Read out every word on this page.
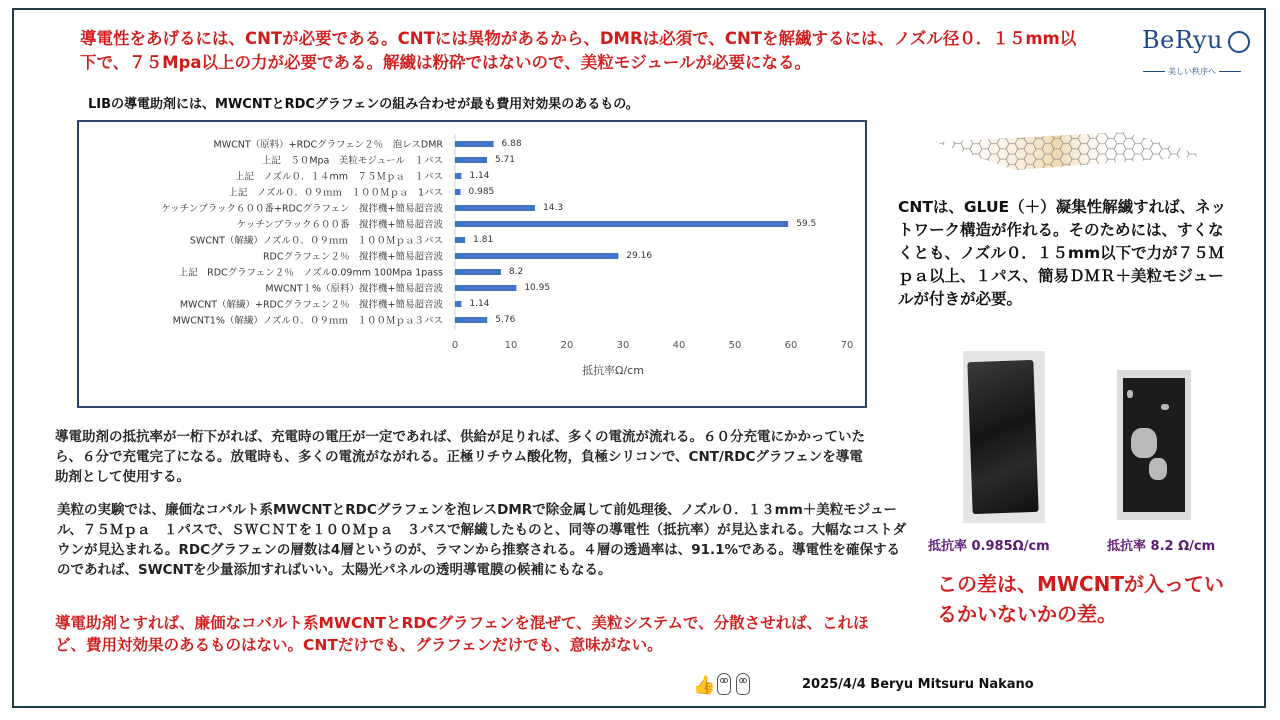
導電性をあげるには、CNTが必要である。CNTには異物があるから、DMRは必須で、CNTを解繊するには、ノズル径０．１５mm以下で、７５Mpa以上の力が必要である。解繊は粉砕ではないので、美粒モジュールが必要になる。
BeRyu
美しい秩序へ
LIBの導電助剤には、MWCNTとRDCグラフェンの組み合わせが最も費用対効果のあるもの。
MWCNT（原料）+RDCグラフェン２％　泡レスDMR	6.88
上記　５０Mpa　美粒モジュール　１パス	5.71
上記　ノズル０．１４mm　７５Ｍｐａ　１パス	1.14
上記　ノズル０．０９ｍｍ　１００Ｍｐａ　1パス	0.985
ケッチンブラック６００番+RDCグラフェン　撹拌機+簡易超音波	14.3
ケッチンブラック６００番　撹拌機+簡易超音波	59.5
SWCNT（解繊）ノズル０．０９ｍｍ　１００Ｍｐａ３パス	1.81
RDCグラフェン２％　撹拌機+簡易超音波	29.16
上記　RDCグラフェン２％　ノズル0.09mm 100Mpa 1pass	8.2
MWCNT１%（原料）撹拌機+簡易超音波	10.95
MWCNT（解繊）+RDCグラフェン２％　撹拌機+簡易超音波	1.14
MWCNT1%（解繊）ノズル０．０９ｍｍ　１００Ｍｐａ３パス	5.76
0	10	20	30	40	50	60	70
抵抗率Ω/cm
CNTは、GLUE（＋）凝集性解繊すれば、ネットワーク構造が作れる。そのためには、すくなくとも、ノズル０．１５mm以下で力が７５Ｍｐａ以上、１パス、簡易ＤＭＲ＋美粒モジュールが付きが必要。
抵抗率 0.985Ω/cm	抵抗率 8.2 Ω/cm
この差は、MWCNTが入っているかいないかの差。
導電助剤の抵抗率が一桁下がれば、充電時の電圧が一定であれば、供給が足りれば、多くの電流が流れる。６０分充電にかかっていたら、６分で充電完了になる。放電時も、多くの電流がながれる。正極リチウム酸化物，負極シリコンで、CNT/RDCグラフェンを導電助剤として使用する。
美粒の実験では、廉価なコバルト系MWCNTとRDCグラフェンを泡レスDMRで除金属して前処理後、ノズル０．１３mm＋美粒モジュール、７５Ｍｐａ　１パスで、ＳＷＣＮＴを１００Ｍｐａ　３パスで解繊したものと、同等の導電性（抵抗率）が見込まれる。大幅なコストダウンが見込まれる。RDCグラフェンの層数は4層というのが、ラマンから推察される。４層の透過率は、91.1%である。導電性を確保するのであれば、SWCNTを少量添加すればいい。太陽光パネルの透明導電膜の候補にもなる。
導電助剤とすれば、廉価なコバルト系MWCNTとRDCグラフェンを混ぜて、美粒システムで、分散させれば、これほど、費用対効果のあるものはない。CNTだけでも、グラフェンだけでも、意味がない。
👍	2025/4/4 Beryu Mitsuru Nakano
